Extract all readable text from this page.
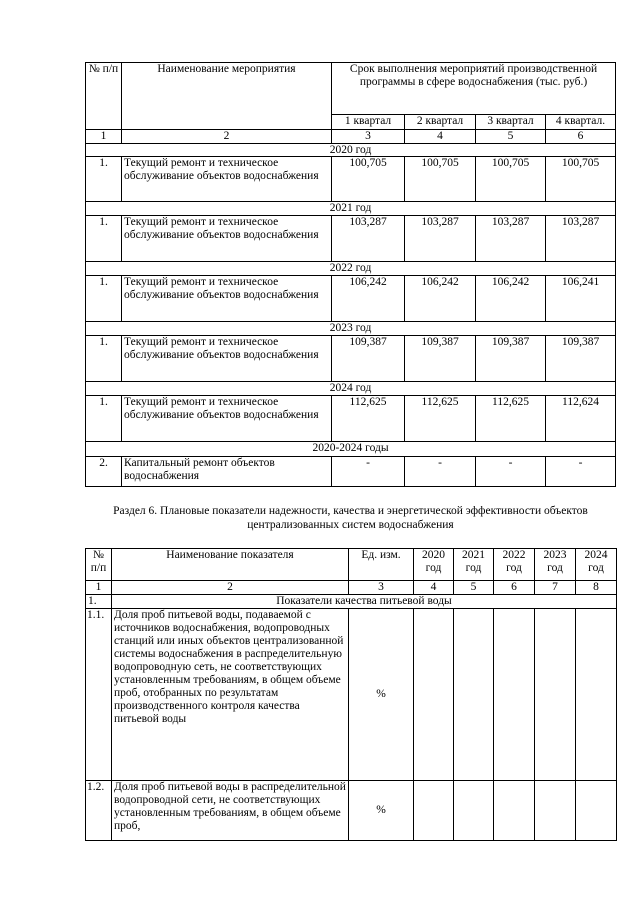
№ п/п	Наименование мероприятия	Срок выполнения мероприятий производственной программы в сфере водоснабжения (тыс. руб.)			
		1 квартал	2 квартал	3 квартал	4 квартал.
1	2	3	4	5	6
2020 год					
1.	Текущий ремонт и техническое обслуживание объектов водоснабжения	100,705	100,705	100,705	100,705
2021 год					
1.	Текущий ремонт и техническое обслуживание объектов водоснабжения	103,287	103,287	103,287	103,287
2022 год					
1.	Текущий ремонт и техническое обслуживание объектов водоснабжения	106,242	106,242	106,242	106,241
2023 год					
1.	Текущий ремонт и техническое обслуживание объектов водоснабжения	109,387	109,387	109,387	109,387
2024 год					
1.	Текущий ремонт и техническое обслуживание объектов водоснабжения	112,625	112,625	112,625	112,624
2020-2024 годы					
2.	Капитальный ремонт объектов водоснабжения	-	-	-	-
Раздел 6. Плановые показатели надежности, качества и энергетической эффективности объектов централизованных систем водоснабжения
№ п/п	Наименование показателя	Ед. изм.	2020 год	2021 год	2022 год	2023 год	2024 год
1	2	3	4	5	6	7	8
1.	Показатели качества питьевой воды						
1.1.	Доля проб питьевой воды, подаваемой с источников водоснабжения, водопроводных станций или иных объектов централизованной системы водоснабжения в распределительную водопроводную сеть, не соответствующих установленным требованиям, в общем объеме проб, отобранных по результатам производственного контроля качества питьевой воды	%					
1.2.	Доля проб питьевой воды в распределительной водопроводной сети, не соответствующих установленным требованиям, в общем объеме проб,	%					
